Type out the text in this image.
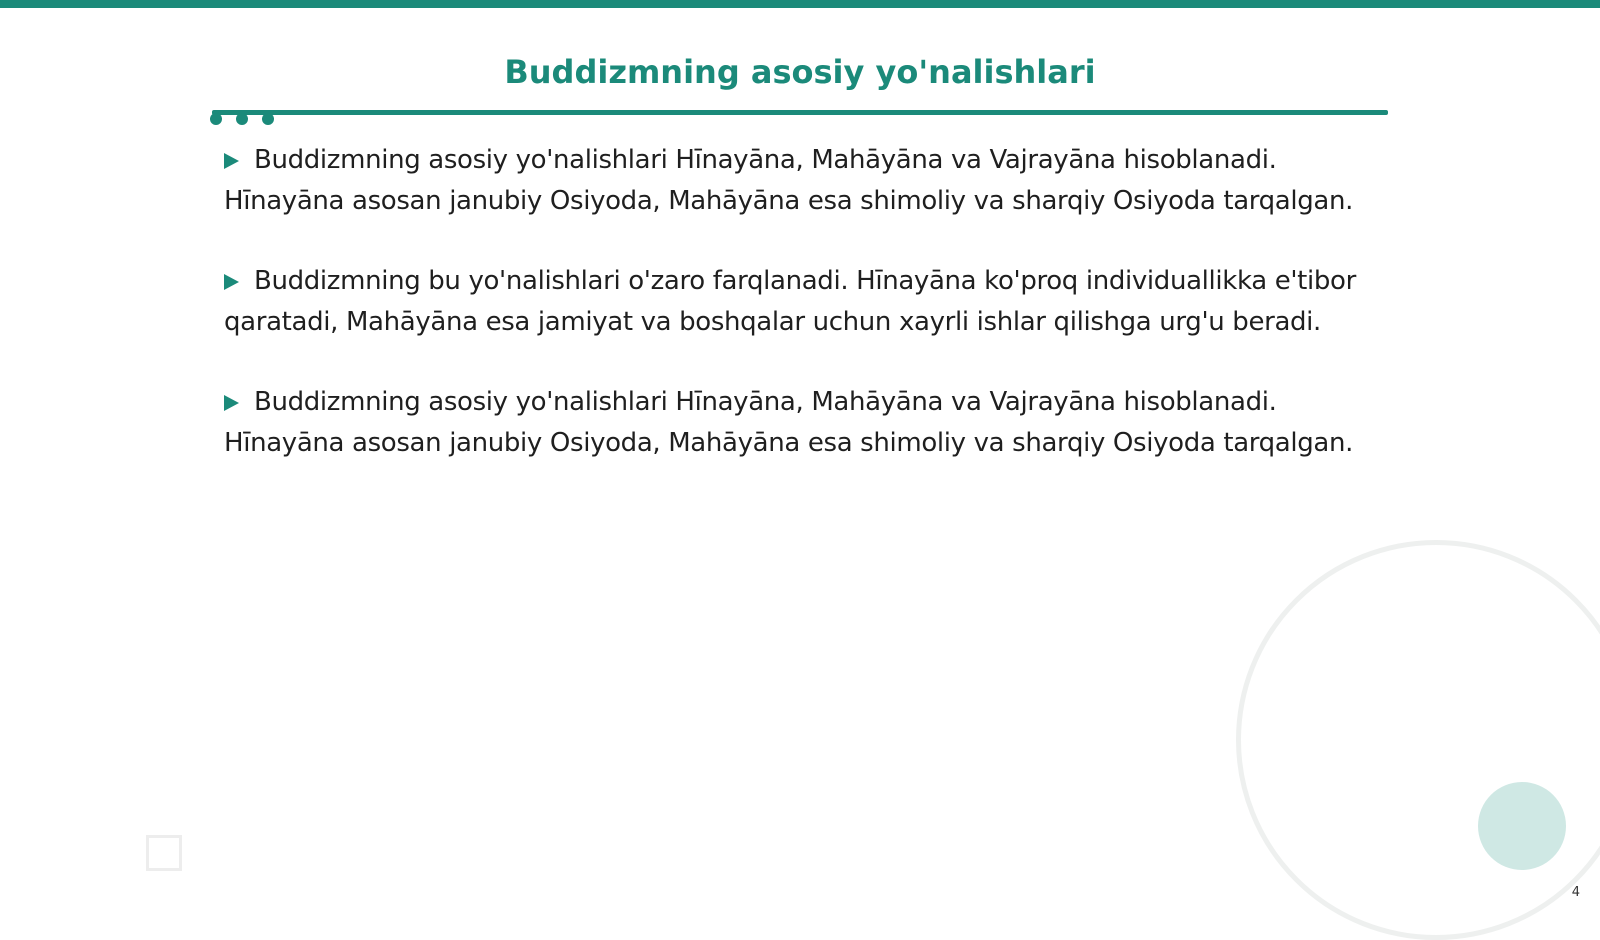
Buddizmning asosiy yo'nalishlari

Buddizmning asosiy yo'nalishlari Hīnayāna, Mahāyāna va Vajrayāna hisoblanadi. Hīnayāna asosan janubiy Osiyoda, Mahāyāna esa shimoliy va sharqiy Osiyoda tarqalgan.

Buddizmning bu yo'nalishlari o'zaro farqlanadi. Hīnayāna ko'proq individuallikka e'tibor qaratadi, Mahāyāna esa jamiyat va boshqalar uchun xayrli ishlar qilishga urg'u beradi.

Buddizmning asosiy yo'nalishlari Hīnayāna, Mahāyāna va Vajrayāna hisoblanadi. Hīnayāna asosan janubiy Osiyoda, Mahāyāna esa shimoliy va sharqiy Osiyoda tarqalgan.

4
